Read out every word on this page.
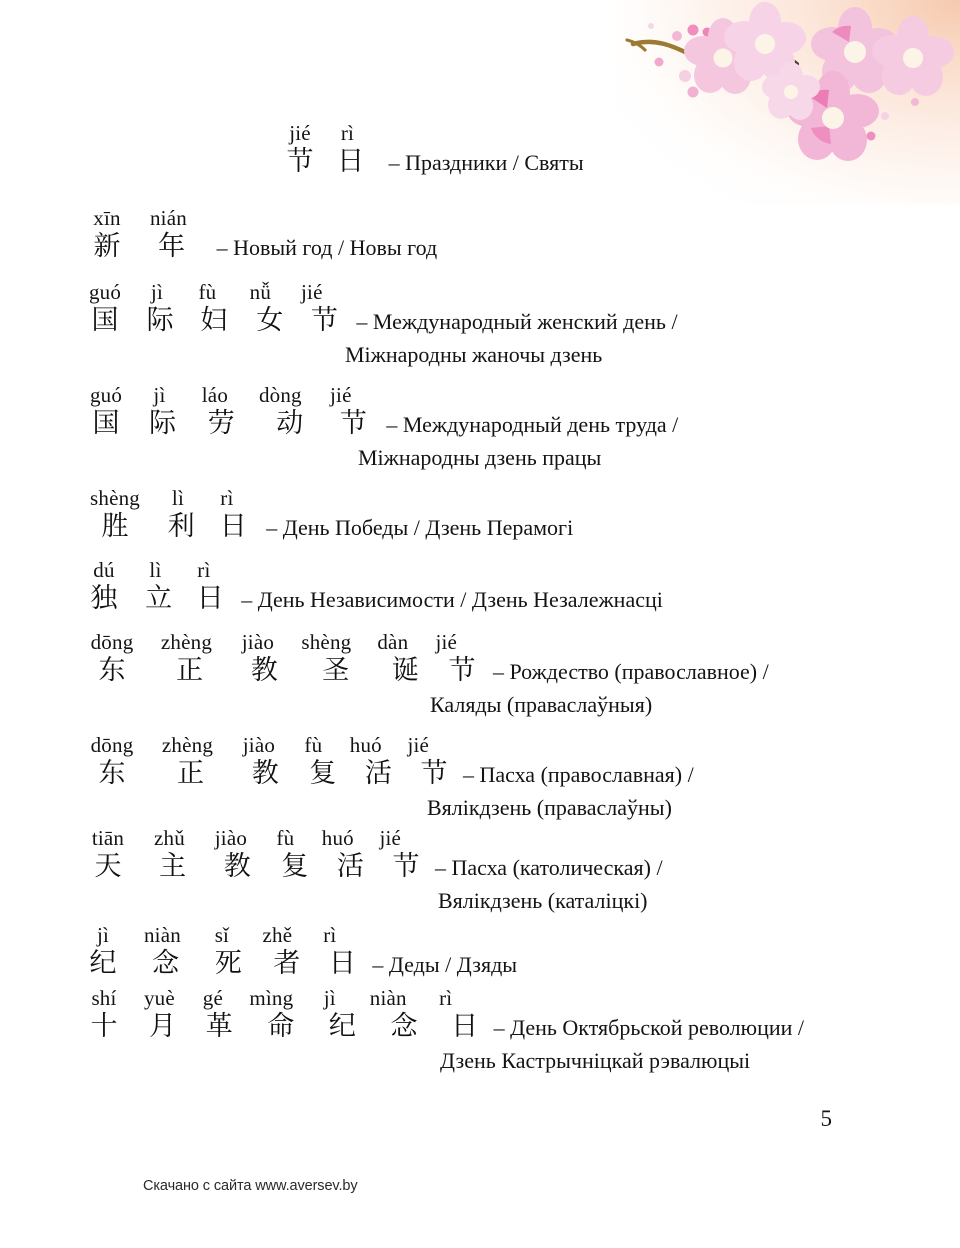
jié rì
节 日 – Праздники / Святы
xīn nián
新 年 – Новый год / Новы год
guó jì fù nǚ jié
国 际 妇 女 节 – Международный женский день /
Міжнародны жаночы дзень
guó jì láo dòng jié
国 际 劳 动 节 – Международный день труда /
Міжнародны дзень працы
shèng lì rì
胜 利 日 – День Победы / Дзень Перамогі
dú lì rì
独 立 日 – День Независимости / Дзень Незалежнасці
dōng zhèng jiào shèng dàn jié
东 正 教 圣 诞 节 – Рождество (православное) /
Каляды (праваслаўныя)
dōng zhèng jiào fù huó jié
东 正 教 复 活 节 – Пасха (православная) /
Вялікдзень (праваслаўны)
tiān zhǔ jiào fù huó jié
天 主 教 复 活 节 – Пасха (католическая) /
Вялікдзень (каталіцкі)
jì niàn sǐ zhě rì
纪 念 死 者 日 – Деды / Дзяды
shí yuè gé mìng jì niàn rì
十 月 革 命 纪 念 日 – День Октябрьской революции /
Дзень Кастрычніцкай рэвалюцыі
5
Скачано с сайта www.aversev.by
